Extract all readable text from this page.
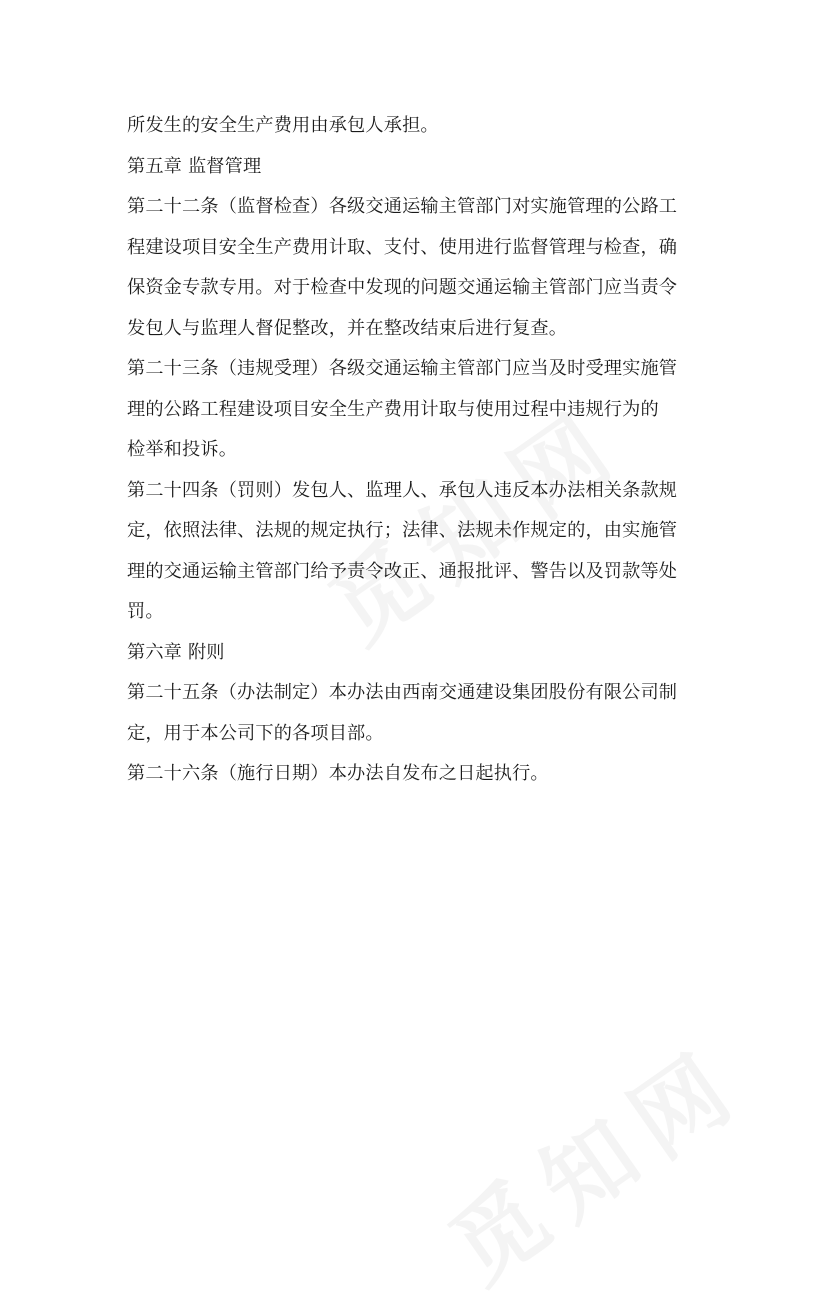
所发生的安全生产费用由承包人承担。

第五章 监督管理

第二十二条（监督检查）各级交通运输主管部门对实施管理的公路工

程建设项目安全生产费用计取、支付、使用进行监督管理与检查，确

保资金专款专用。对于检查中发现的问题交通运输主管部门应当责令

发包人与监理人督促整改，并在整改结束后进行复查。

第二十三条（违规受理）各级交通运输主管部门应当及时受理实施管

理的公路工程建设项目安全生产费用计取与使用过程中违规行为的

检举和投诉。

第二十四条（罚则）发包人、监理人、承包人违反本办法相关条款规

定，依照法律、法规的规定执行；法律、法规未作规定的，由实施管

理的交通运输主管部门给予责令改正、通报批评、警告以及罚款等处

罚。

第六章 附则

第二十五条（办法制定）本办法由西南交通建设集团股份有限公司制

定，用于本公司下的各项目部。

第二十六条（施行日期）本办法自发布之日起执行。
